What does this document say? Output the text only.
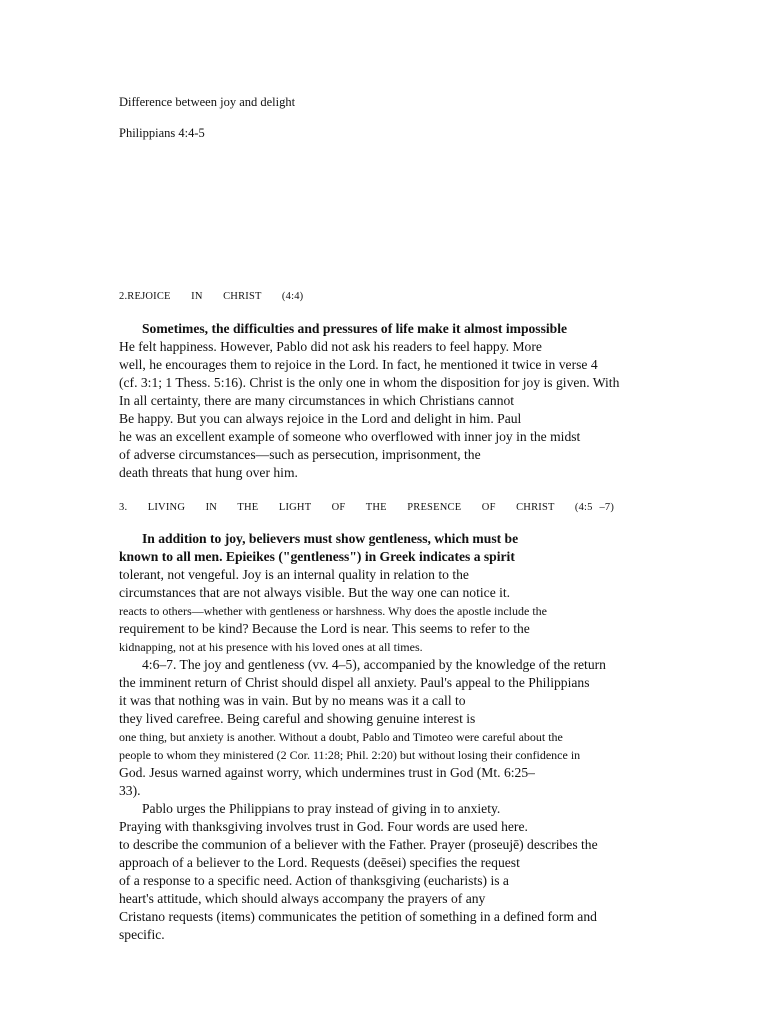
Difference between joy and delight
Philippians 4:4-5
2.REJOICE   IN   CHRIST   (4:4)
Sometimes, the difficulties and pressures of life make it almost impossible
He felt happiness. However, Pablo did not ask his readers to feel happy. More
well, he encourages them to rejoice in the Lord. In fact, he mentioned it twice in verse 4
(cf. 3:1; 1 Thess. 5:16). Christ is the only one in whom the disposition for joy is given. With
In all certainty, there are many circumstances in which Christians cannot
Be happy. But you can always rejoice in the Lord and delight in him. Paul
he was an excellent example of someone who overflowed with inner joy in the midst
of adverse circumstances—such as persecution, imprisonment, the
death threats that hung over him.
3.   LIVING   IN   THE   LIGHT   OF   THE   PRESENCE   OF   CHRIST   (4:5 –7)
In addition to joy, believers must show gentleness, which must be
known to all men. Epieikes ("gentleness") in Greek indicates a spirit
tolerant, not vengeful. Joy is an internal quality in relation to the
circumstances that are not always visible. But the way one can notice it.
reacts to others—whether with gentleness or harshness. Why does the apostle include the
requirement to be kind? Because the Lord is near. This seems to refer to the
kidnapping, not at his presence with his loved ones at all times.
4:6–7. The joy and gentleness (vv. 4–5), accompanied by the knowledge of the return
the imminent return of Christ should dispel all anxiety. Paul's appeal to the Philippians
it was that nothing was in vain. But by no means was it a call to
they lived carefree. Being careful and showing genuine interest is
one thing, but anxiety is another. Without a doubt, Pablo and Timoteo were careful about the
people to whom they ministered (2 Cor. 11:28; Phil. 2:20) but without losing their confidence in
God. Jesus warned against worry, which undermines trust in God (Mt. 6:25–
33).
Pablo urges the Philippians to pray instead of giving in to anxiety.
Praying with thanksgiving involves trust in God. Four words are used here.
to describe the communion of a believer with the Father. Prayer (proseujē) describes the
approach of a believer to the Lord. Requests (deēsei) specifies the request
of a response to a specific need. Action of thanksgiving (eucharists) is a
heart's attitude, which should always accompany the prayers of any
Cristano requests (items) communicates the petition of something in a defined form and
specific.
